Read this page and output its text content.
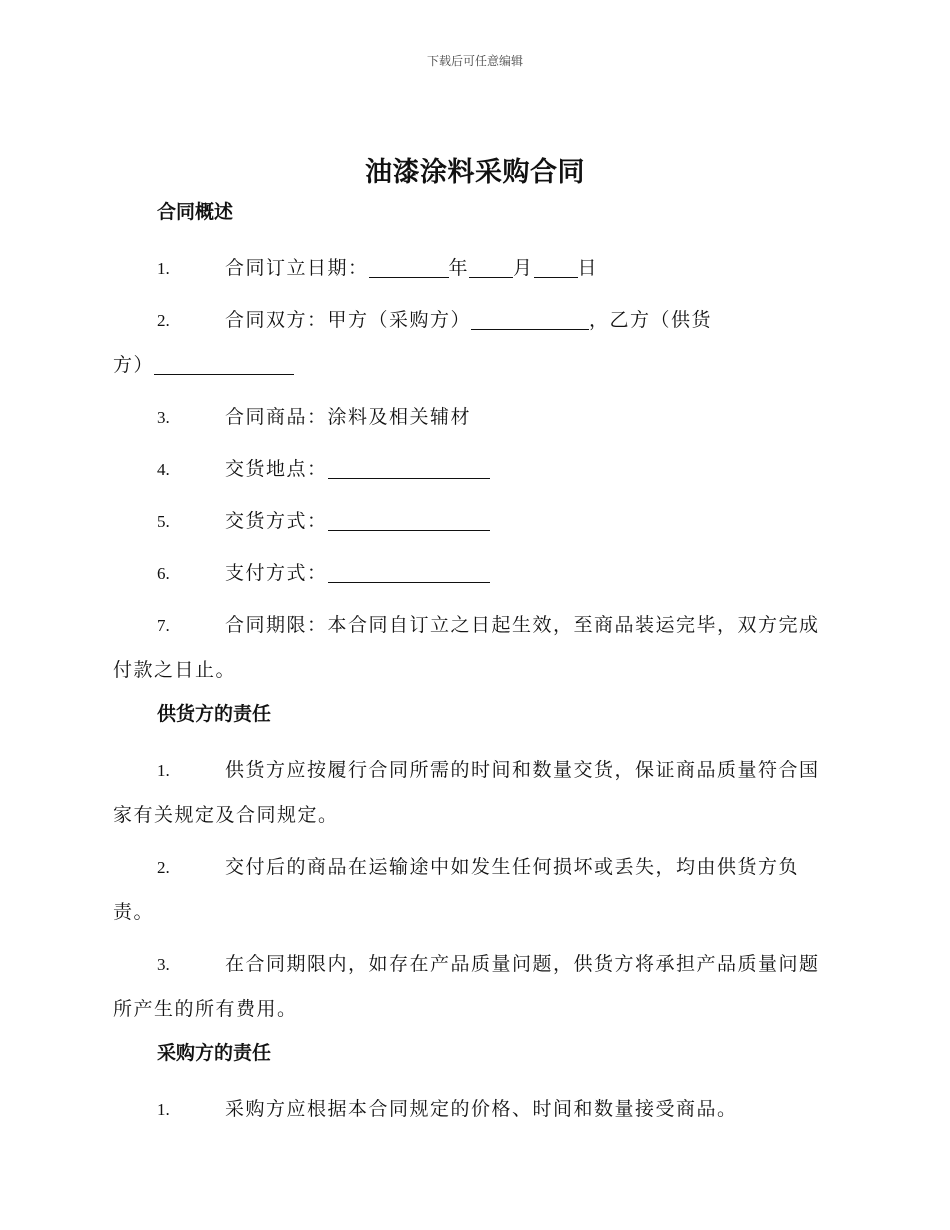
下载后可任意编辑
油漆涂料采购合同
合同概述
1.	合同订立日期：	年 月 日
2.	合同双方：甲方（采购方）	，乙方（供货
方）
3.	合同商品：涂料及相关辅材
4.	交货地点：
5.	交货方式：
6.	支付方式：
7.	合同期限：本合同自订立之日起生效，至商品装运完毕，双方完成付款之日止。
供货方的责任
1.	供货方应按履行合同所需的时间和数量交货，保证商品质量符合国家有关规定及合同规定。
2.	交付后的商品在运输途中如发生任何损坏或丢失，均由供货方负责。
3.	在合同期限内，如存在产品质量问题，供货方将承担产品质量问题所产生的所有费用。
采购方的责任
1.	采购方应根据本合同规定的价格、时间和数量接受商品。
